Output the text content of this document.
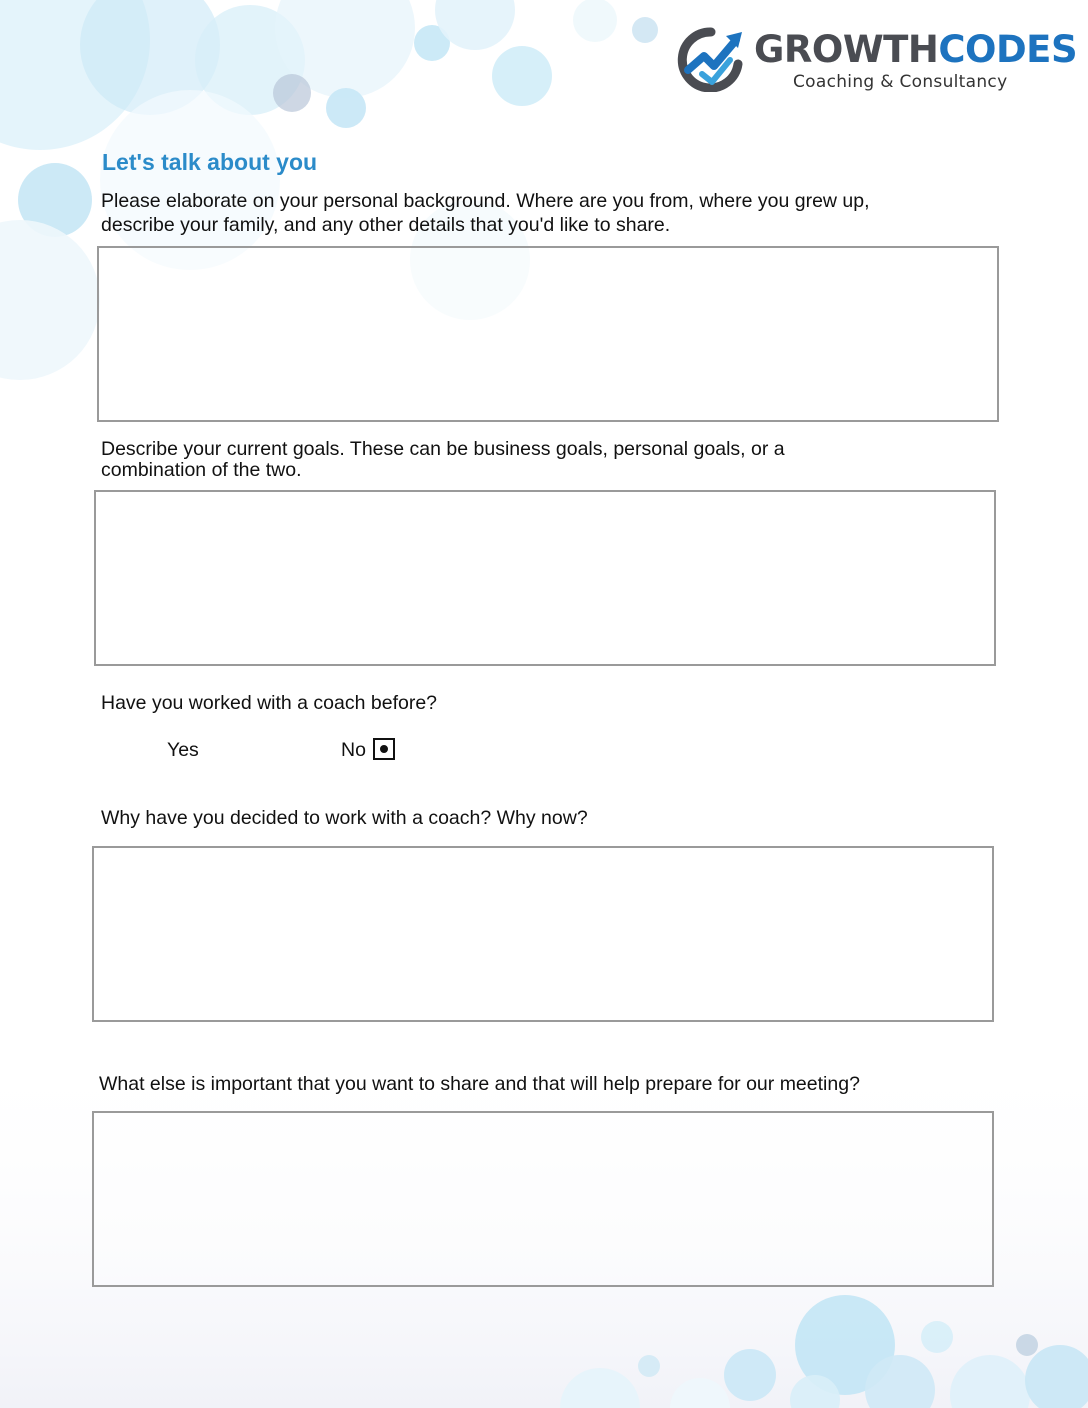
GROWTHCODES
Coaching & Consultancy
Let's talk about you

Please elaborate on your personal background. Where are you from, where you grew up,
describe your family, and any other details that you'd like to share.

Describe your current goals. These can be business goals, personal goals, or a
combination of the two.

Have you worked with a coach before?

Yes	No

Why have you decided to work with a coach? Why now?

What else is important that you want to share and that will help prepare for our meeting?
